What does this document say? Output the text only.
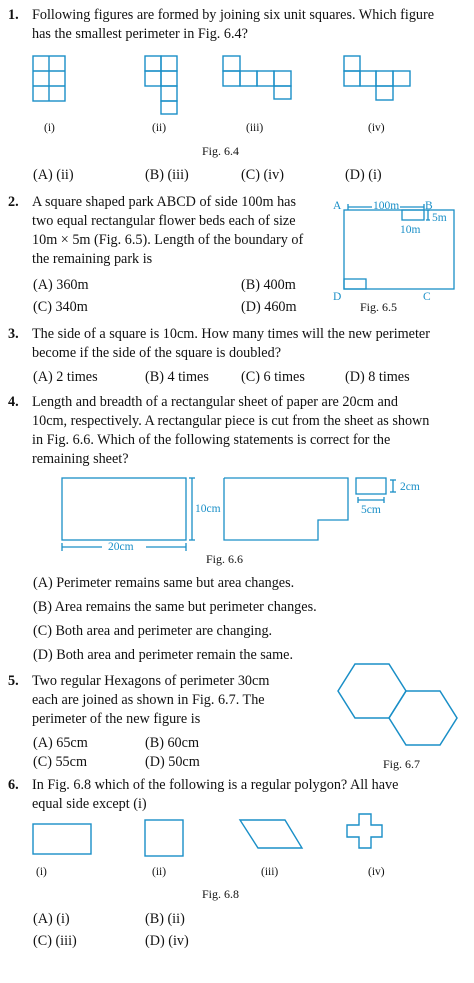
1. Following figures are formed by joining six unit squares. Which figure
has the smallest perimeter in Fig. 6.4?
(i)	(ii)	(iii)	(iv)
Fig. 6.4
(A) (ii)	(B) (iii)	(C) (iv)	(D) (i)
2. A square shaped park ABCD of side 100m has
two equal rectangular flower beds each of size
10m × 5m (Fig. 6.5). Length of the boundary of
the remaining park is
(A) 360m	(B) 400m
(C) 340m	(D) 460m
A	B
D	C
100m
5m
10m
Fig. 6.5
3. The side of a square is 10cm. How many times will the new perimeter
become if the side of the square is doubled?
(A) 2 times	(B) 4 times (C) 6 times	(D) 8 times
4. Length and breadth of a rectangular sheet of paper are 20cm and
10cm, respectively. A rectangular piece is cut from the sheet as shown
in Fig. 6.6. Which of the following statements is correct for the
remaining sheet?
20cm
10cm
2cm
5cm
Fig. 6.6
(A) Perimeter remains same but area changes.
(B) Area remains the same but perimeter changes.
(C) Both area and perimeter are changing.
(D) Both area and perimeter remain the same.
5. Two regular Hexagons of perimeter 30cm
each are joined as shown in Fig. 6.7. The
perimeter of the new figure is
(A) 65cm	(B) 60cm
(C) 55cm	(D) 50cm	Fig. 6.7
6. In Fig. 6.8 which of the following is a regular polygon? All have
equal side except (i)
(i)	(ii)	(iii)	(iv)
Fig. 6.8
(A) (i)	(B) (ii)
(C) (iii)	(D) (iv)
